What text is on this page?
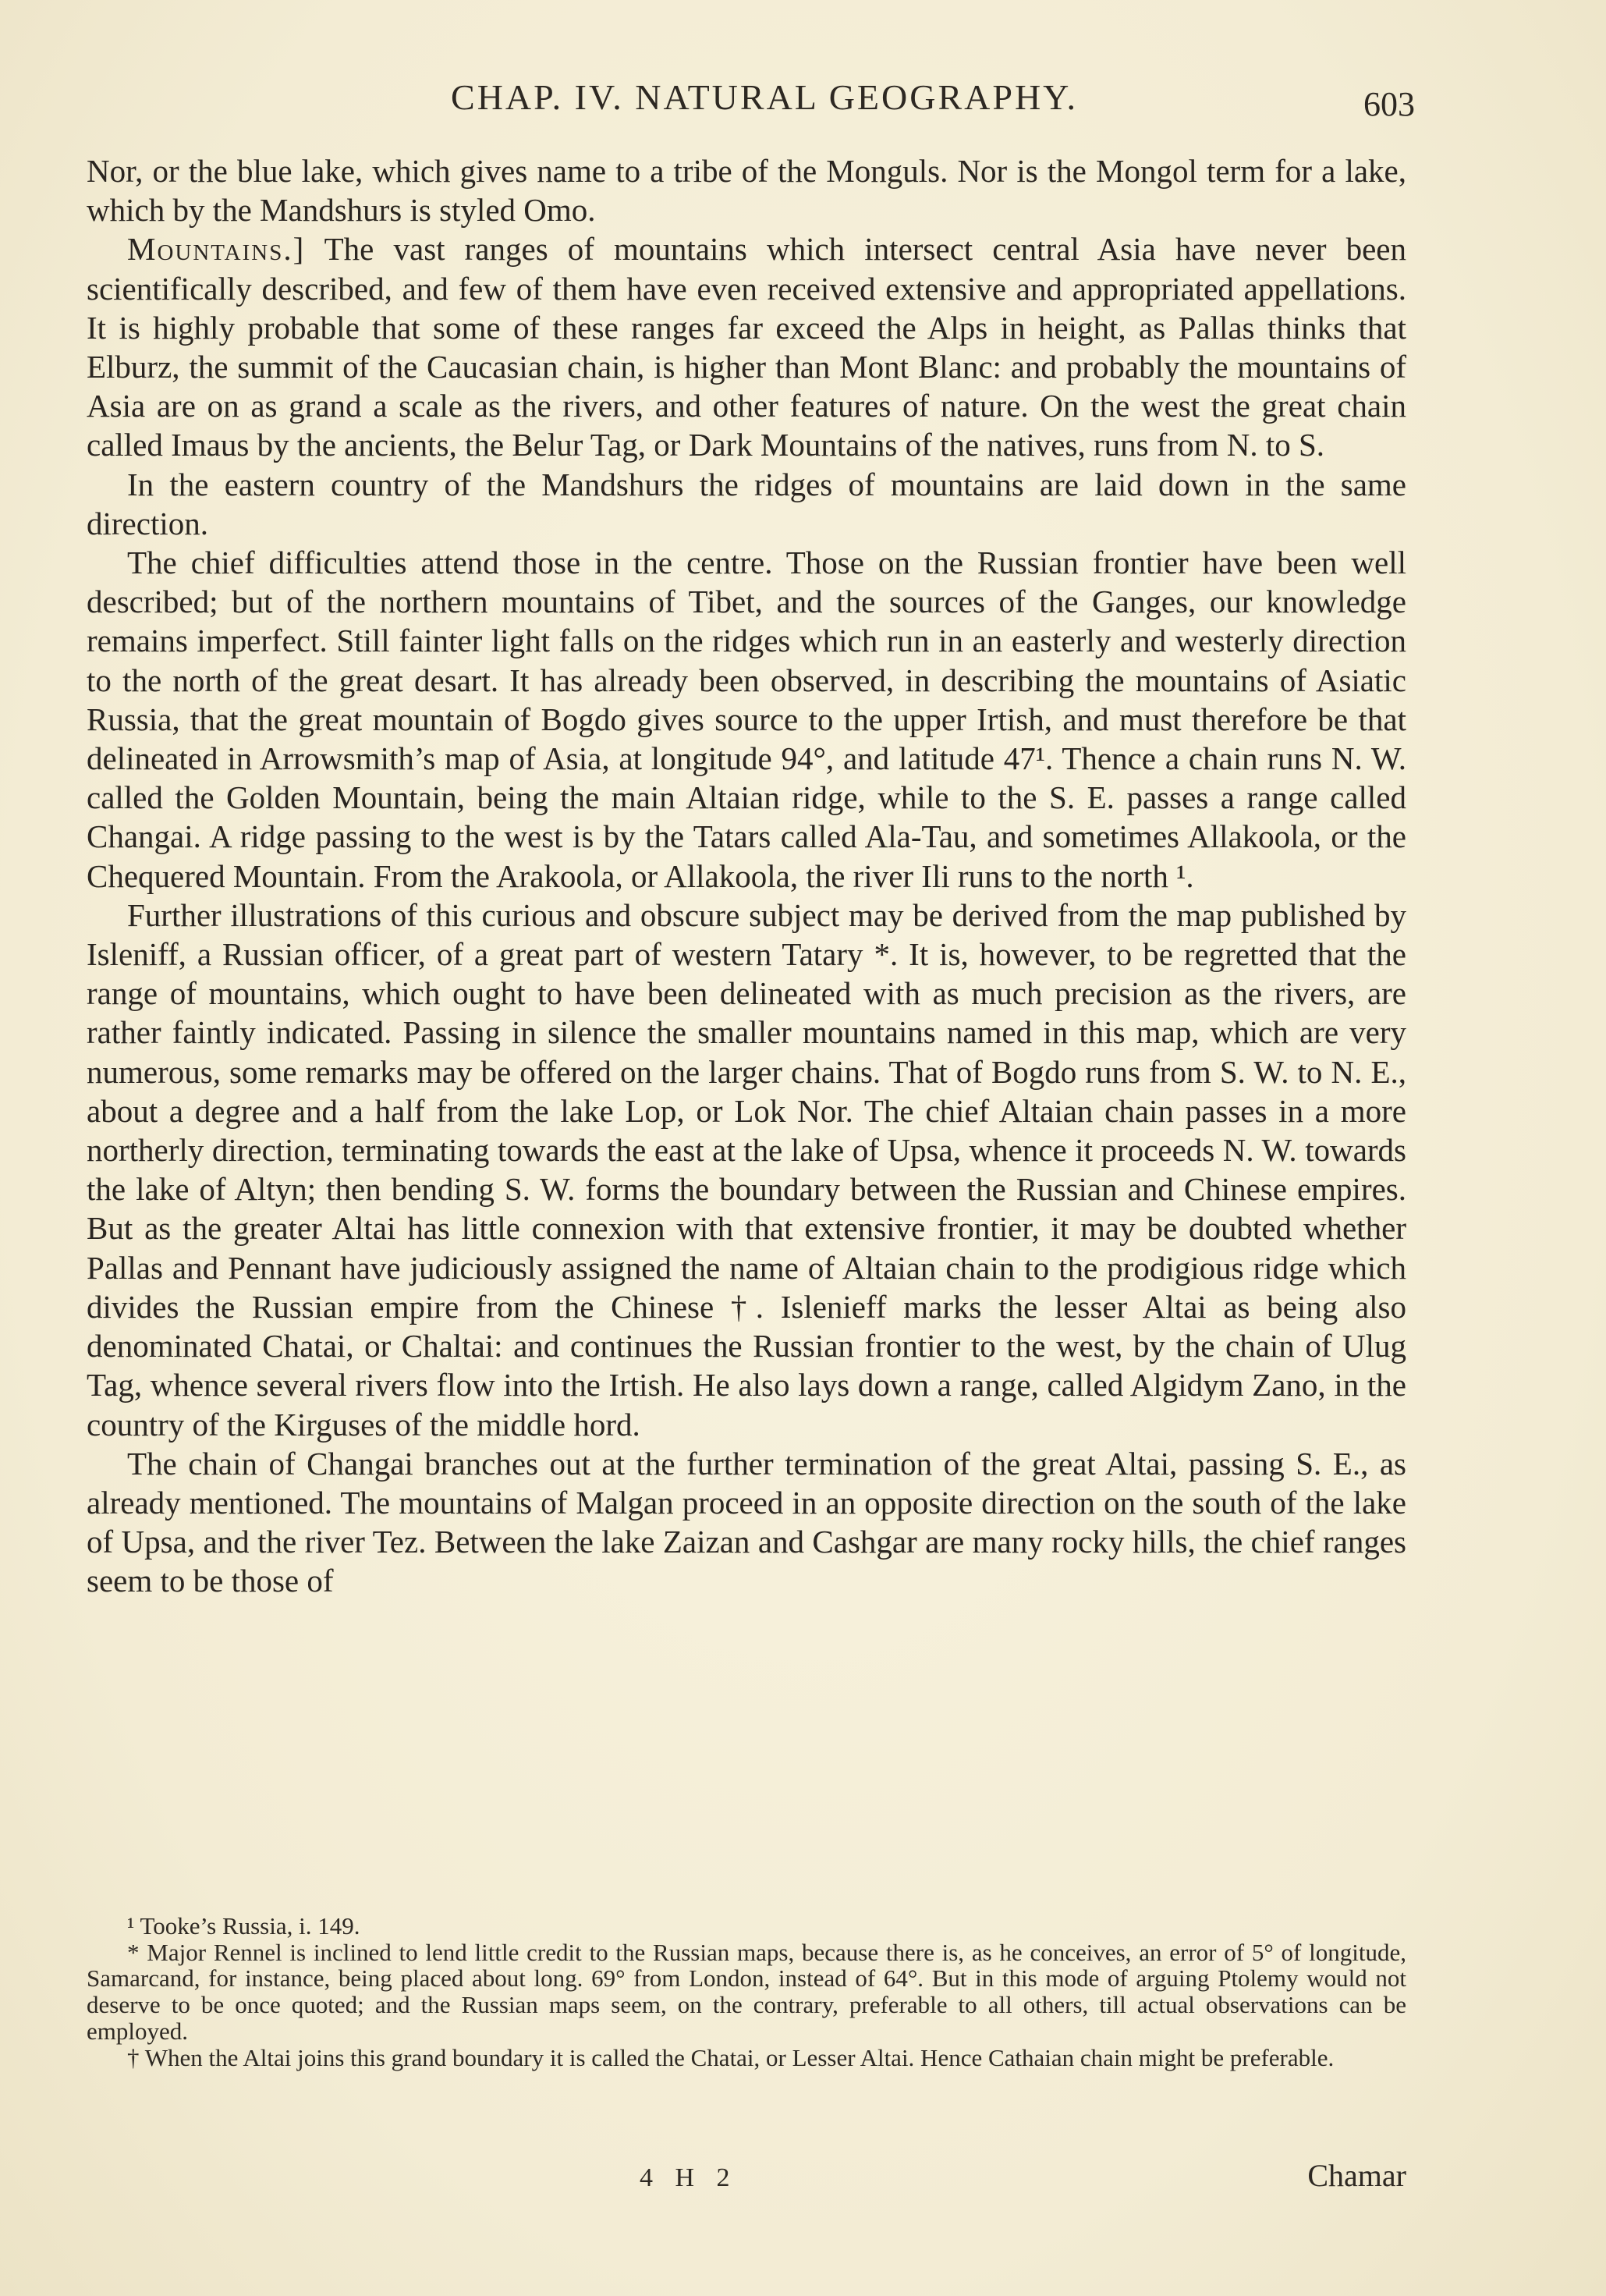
CHAP. IV. NATURAL GEOGRAPHY.	603

Nor, or the blue lake, which gives name to a tribe of the Monguls. Nor is the Mongol term for a lake, which by the Mandshurs is styled Omo.

Mountains.] The vast ranges of mountains which intersect central Asia have never been scientifically described, and few of them have even received extensive and appropriated appellations. It is highly probable that some of these ranges far exceed the Alps in height, as Pallas thinks that Elburz, the summit of the Caucasian chain, is higher than Mont Blanc: and probably the mountains of Asia are on as grand a scale as the rivers, and other features of nature. On the west the great chain called Imaus by the ancients, the Belur Tag, or Dark Mountains of the natives, runs from N. to S.

In the eastern country of the Mandshurs the ridges of mountains are laid down in the same direction.

The chief difficulties attend those in the centre. Those on the Russian frontier have been well described; but of the northern mountains of Tibet, and the sources of the Ganges, our knowledge remains imperfect. Still fainter light falls on the ridges which run in an easterly and westerly direction to the north of the great desart. It has already been observed, in describing the mountains of Asiatic Russia, that the great mountain of Bogdo gives source to the upper Irtish, and must therefore be that delineated in Arrowsmith’s map of Asia, at longitude 94°, and latitude 47¹. Thence a chain runs N. W. called the Golden Mountain, being the main Altaian ridge, while to the S. E. passes a range called Changai. A ridge passing to the west is by the Tatars called Ala-Tau, and sometimes Allakoola, or the Chequered Mountain. From the Arakoola, or Allakoola, the river Ili runs to the north ¹.

Further illustrations of this curious and obscure subject may be derived from the map published by Isleniff, a Russian officer, of a great part of western Tatary *. It is, however, to be regretted that the range of mountains, which ought to have been delineated with as much precision as the rivers, are rather faintly indicated. Passing in silence the smaller mountains named in this map, which are very numerous, some remarks may be offered on the larger chains. That of Bogdo runs from S. W. to N. E., about a degree and a half from the lake Lop, or Lok Nor. The chief Altaian chain passes in a more northerly direction, terminating towards the east at the lake of Upsa, whence it proceeds N. W. towards the lake of Altyn; then bending S. W. forms the boundary between the Russian and Chinese empires. But as the greater Altai has little connexion with that extensive frontier, it may be doubted whether Pallas and Pennant have judiciously assigned the name of Altaian chain to the prodigious ridge which divides the Russian empire from the Chinese †. Islenieff marks the lesser Altai as being also denominated Chatai, or Chaltai: and continues the Russian frontier to the west, by the chain of Ulug Tag, whence several rivers flow into the Irtish. He also lays down a range, called Algidym Zano, in the country of the Kirguses of the middle hord.

The chain of Changai branches out at the further termination of the great Altai, passing S. E., as already mentioned. The mountains of Malgan proceed in an opposite direction on the south of the lake of Upsa, and the river Tez. Between the lake Zaizan and Cashgar are many rocky hills, the chief ranges seem to be those of

¹ Tooke’s Russia, i. 149.

* Major Rennel is inclined to lend little credit to the Russian maps, because there is, as he conceives, an error of 5° of longitude, Samarcand, for instance, being placed about long. 69° from London, instead of 64°. But in this mode of arguing Ptolemy would not deserve to be once quoted; and the Russian maps seem, on the contrary, preferable to all others, till actual observations can be employed.

† When the Altai joins this grand boundary it is called the Chatai, or Lesser Altai. Hence Cathaian chain might be preferable.

4 H 2	Chamar
